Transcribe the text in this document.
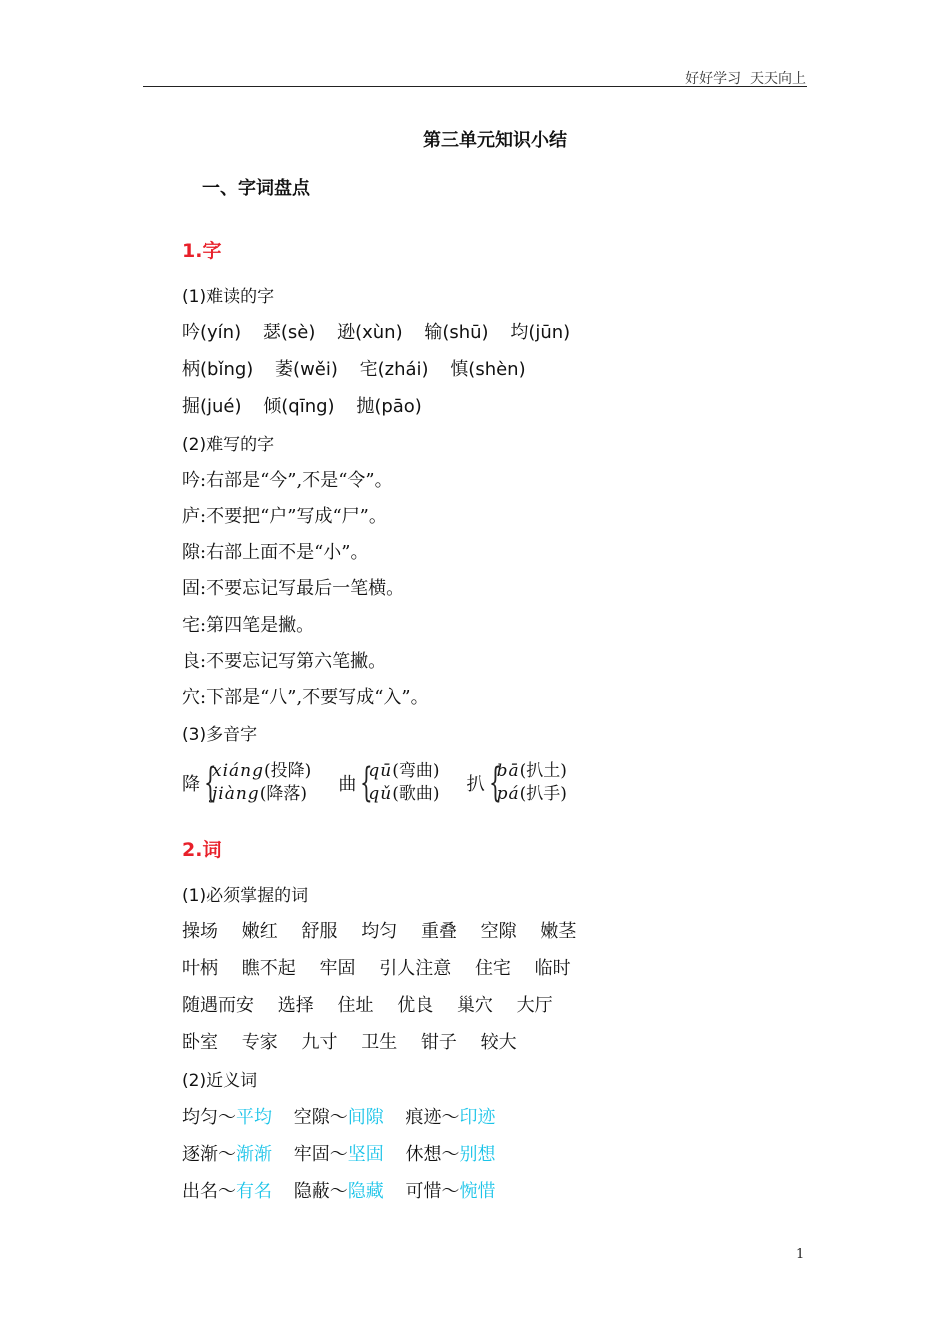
好好学习  天天向上
第三单元知识小结
一、字词盘点
1.字
(1)难读的字
吟(yín) 瑟(sè) 逊(xùn) 输(shū) 均(jūn)
柄(bǐng) 萎(wěi) 宅(zhái) 慎(shèn)
掘(jué) 倾(qīng) 抛(pāo)
(2)难写的字
吟:右部是“今”,不是“令”。
庐:不要把“户”写成“尸”。
隙:右部上面不是“小”。
固:不要忘记写最后一笔横。
宅:第四笔是撇。
良:不要忘记写第六笔撇。
穴:下部是“八”,不要写成“入”。
(3)多音字
降 {
xiáng(投降)
jiàng(降落)
曲 {
qū(弯曲)
qǔ(歌曲)
扒 {
bā(扒土)
pá(扒手)
2.词
(1)必须掌握的词
操场 嫩红 舒服 均匀 重叠 空隙 嫩茎
叶柄 瞧不起 牢固 引人注意 住宅 临时
随遇而安 选择 住址 优良 巢穴 大厅
卧室 专家 九寸 卫生 钳子 较大
(2)近义词
均匀～平均 空隙～间隙 痕迹～印迹
逐渐～渐渐 牢固～坚固 休想～别想
出名～有名 隐蔽～隐藏 可惜～惋惜
1
